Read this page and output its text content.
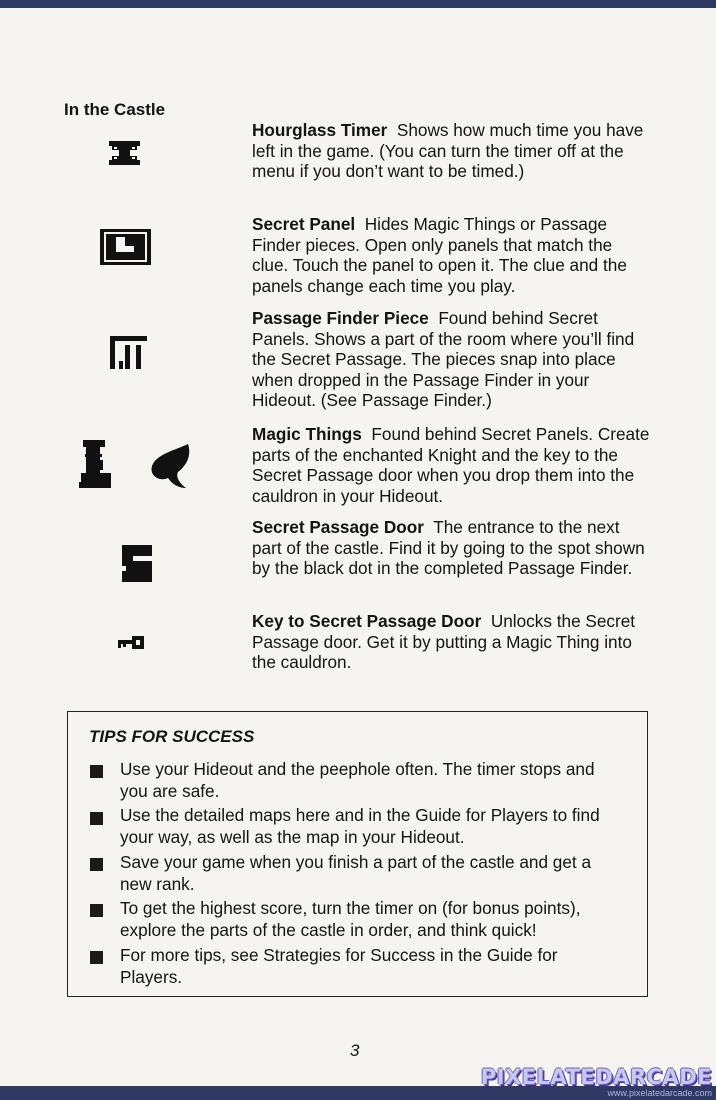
In the Castle
Hourglass Timer Shows how much time you have left in the game. (You can turn the timer off at the menu if you don’t want to be timed.)
Secret Panel Hides Magic Things or Passage Finder pieces. Open only panels that match the clue. Touch the panel to open it. The clue and the panels change each time you play.
Passage Finder Piece Found behind Secret Panels. Shows a part of the room where you’ll find the Secret Passage. The pieces snap into place when dropped in the Passage Finder in your Hideout. (See Passage Finder.)
Magic Things Found behind Secret Panels. Create parts of the enchanted Knight and the key to the Secret Passage door when you drop them into the cauldron in your Hideout.
Secret Passage Door The entrance to the next part of the castle. Find it by going to the spot shown by the black dot in the completed Passage Finder.
Key to Secret Passage Door Unlocks the Secret Passage door. Get it by putting a Magic Thing into the cauldron.
TIPS FOR SUCCESS
Use your Hideout and the peephole often. The timer stops and you are safe.
Use the detailed maps here and in the Guide for Players to find your way, as well as the map in your Hideout.
Save your game when you finish a part of the castle and get a new rank.
To get the highest score, turn the timer on (for bonus points), explore the parts of the castle in order, and think quick!
For more tips, see Strategies for Success in the Guide for Players.
3
PIXELATEDARCADE
www.pixelatedarcade.com
